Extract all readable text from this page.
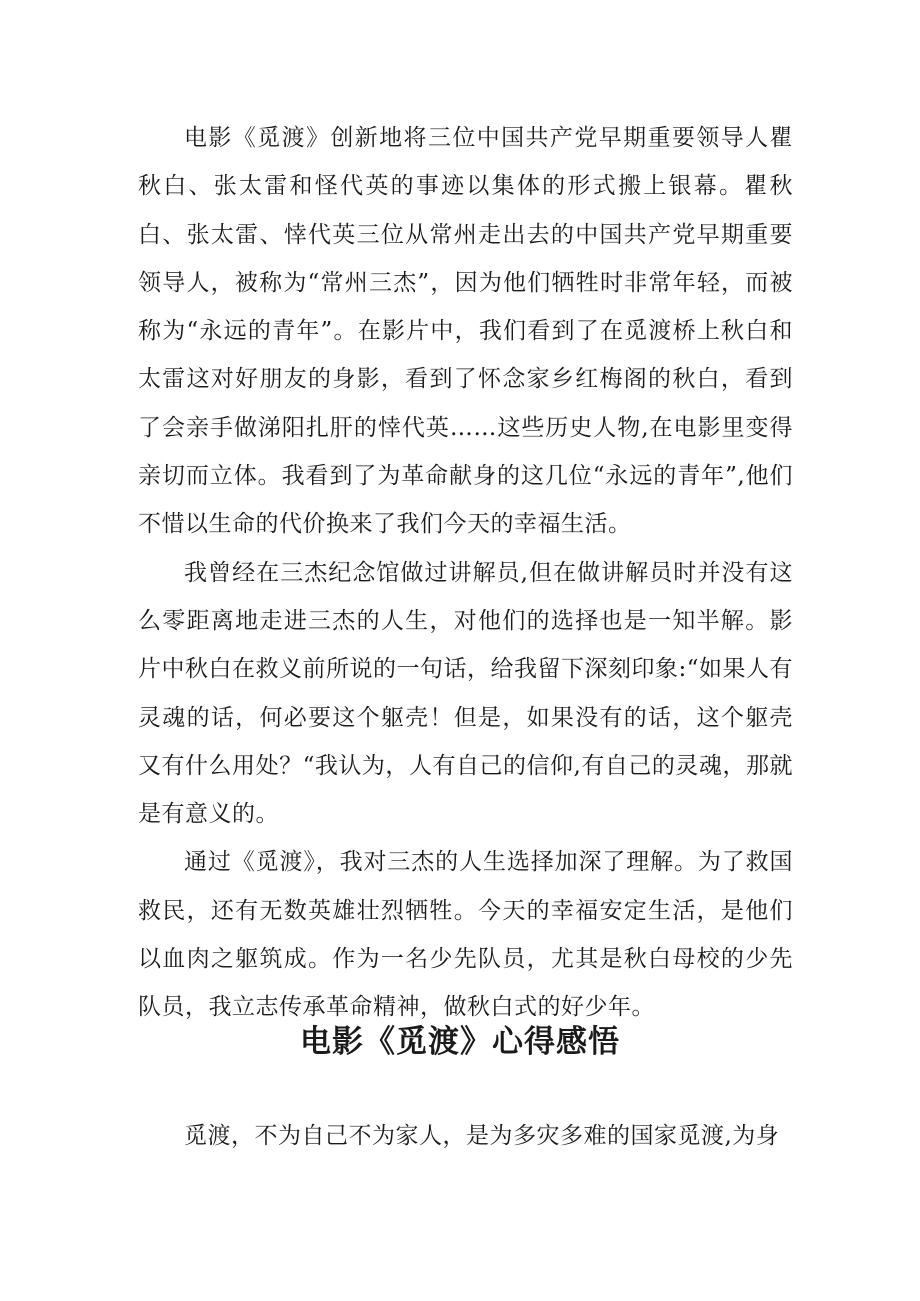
电影《觅渡》创新地将三位中国共产党早期重要领导人瞿秋白、张太雷和怪代英的事迹以集体的形式搬上银幕。瞿秋白、张太雷、悻代英三位从常州走出去的中国共产党早期重要领导人，被称为“常州三杰”，因为他们牺牲时非常年轻，而被称为“永远的青年”。在影片中，我们看到了在觅渡桥上秋白和太雷这对好朋友的身影，看到了怀念家乡红梅阁的秋白，看到了会亲手做涕阳扎肝的悻代英……这些历史人物,在电影里变得亲切而立体。我看到了为革命献身的这几位“永远的青年”,他们不惜以生命的代价换来了我们今天的幸福生活。

我曾经在三杰纪念馆做过讲解员,但在做讲解员时并没有这么零距离地走进三杰的人生，对他们的选择也是一知半解。影片中秋白在救义前所说的一句话，给我留下深刻印象:“如果人有灵魂的话，何必要这个躯壳！但是，如果没有的话，这个躯壳又有什么用处？“我认为，人有自己的信仰,有自己的灵魂，那就是有意义的。

通过《觅渡》，我对三杰的人生选择加深了理解。为了救国救民，还有无数英雄壮烈牺牲。今天的幸福安定生活，是他们以血肉之躯筑成。作为一名少先队员，尤其是秋白母校的少先队员，我立志传承革命精神，做秋白式的好少年。

电影《觅渡》心得感悟

觅渡，不为自己不为家人，是为多灾多难的国家觅渡,为身
